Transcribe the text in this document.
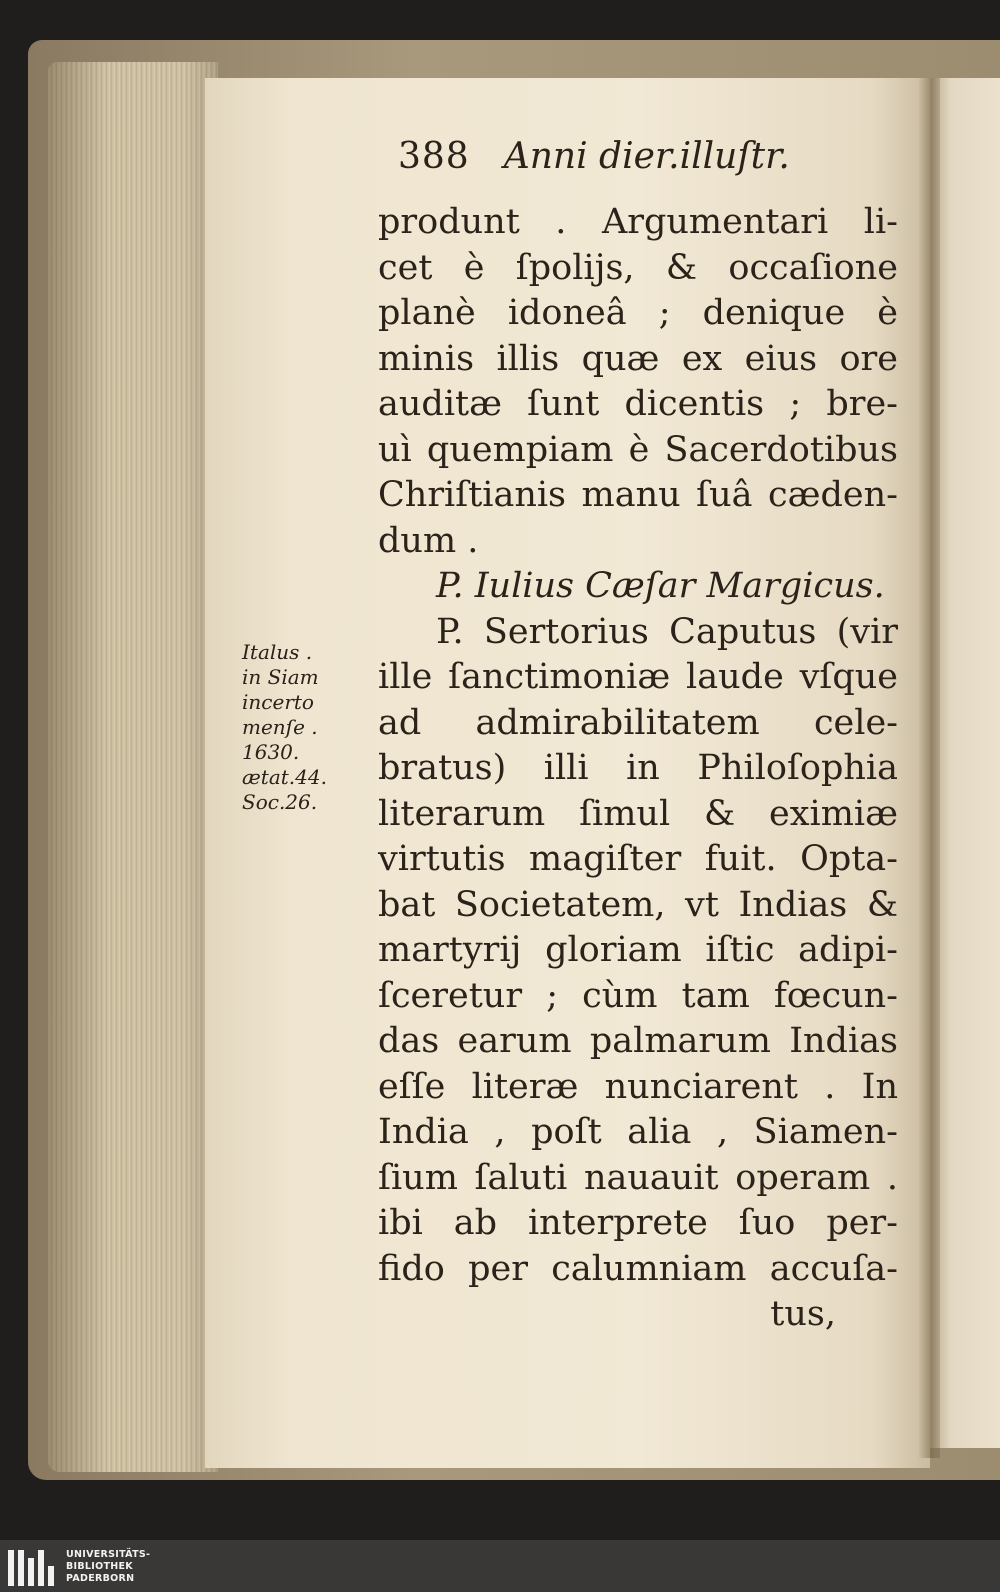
388 Anni dier.illuſtr.
Italus .
in Siam
incerto
menſe .
1630.
ætat.44.
Soc.26.
produnt . Argumentari li-
cet è ſpolijs, & occaſione
planè idoneâ ; denique è
minis illis quæ ex eius ore
auditæ ſunt dicentis ; bre-
uì quempiam è Sacerdotibus
Chriſtianis manu ſuâ cæden-
dum .
P. Iulius Cæſar Margicus.
P. Sertorius Caputus (vir
ille ſanctimoniæ laude vſque
ad admirabilitatem cele-
bratus) illi in Philoſophia
literarum ſimul & eximiæ
virtutis magiſter fuit. Opta-
bat Societatem, vt Indias &
martyrij gloriam iſtic adipi-
ſceretur ; cùm tam fœcun-
das earum palmarum Indias
eſſe literæ nunciarent . In
India , poſt alia , Siamen-
ſium ſaluti nauauit operam .
ibi ab interprete ſuo per-
fido per calumniam accuſa-
tus,
UNIVERSITÄTS-
BIBLIOTHEK
PADERBORN
